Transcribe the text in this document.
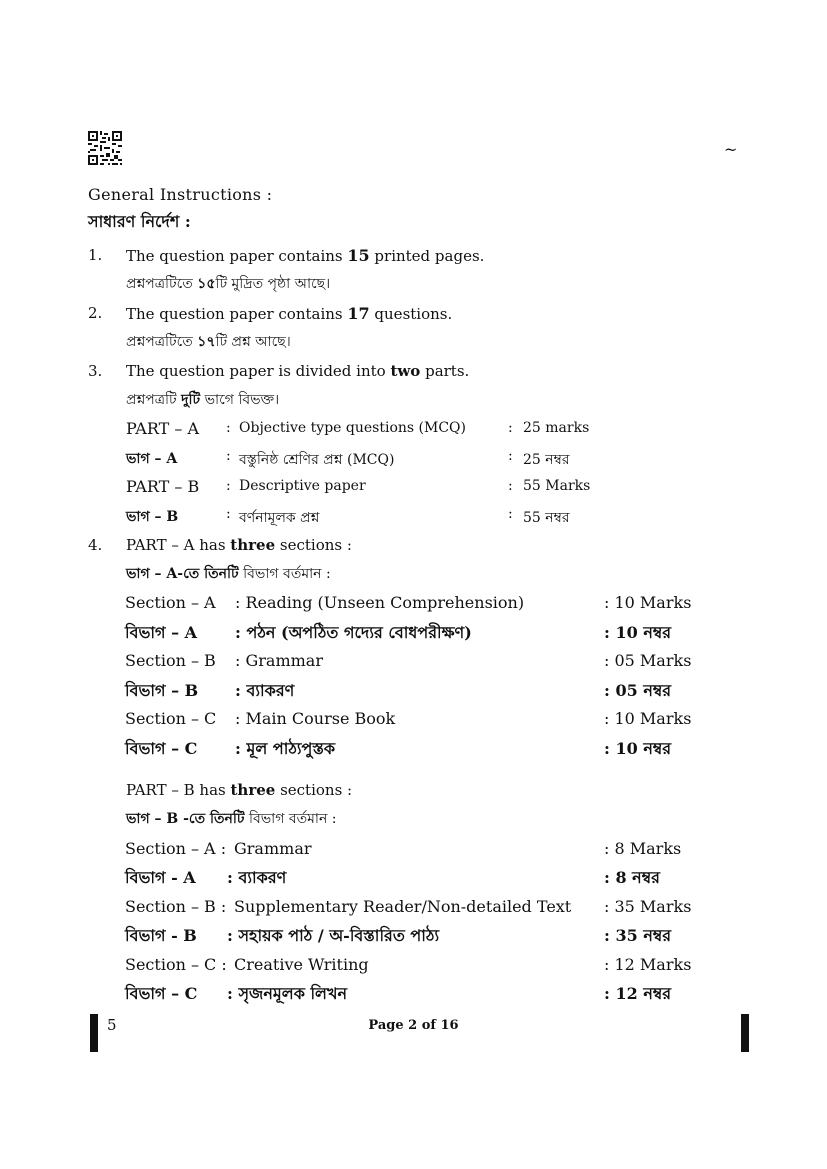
~
General Instructions :
সাধারণ নির্দেশ :
1. The question paper contains 15 printed pages.
প্রশ্নপত্রটিতে ১৫টি মুদ্রিত পৃষ্ঠা আছে।
2. The question paper contains 17 questions.
প্রশ্নপত্রটিতে ১৭টি প্রশ্ন আছে।
3. The question paper is divided into two parts.
প্রশ্নপত্রটি দুটি ভাগে বিভক্ত।
PART – A : Objective type questions (MCQ)	: 25 marks
ভাগ – A	: বস্তুনিষ্ঠ শ্রেণির প্রশ্ন (MCQ)	: 25 নম্বর
PART – B : Descriptive paper	: 55 Marks
ভাগ – B	: বর্ণনামূলক প্রশ্ন	: 55 নম্বর
4. PART – A has three sections :
ভাগ – A-তে তিনটি বিভাগ বর্তমান :
Section – A : Reading (Unseen Comprehension)	: 10 Marks
বিভাগ – A : পঠন (অপঠিত গদ্যের বোধপরীক্ষণ)	: 10 নম্বর
Section – B : Grammar	: 05 Marks
বিভাগ – B : ব্যাকরণ	: 05 নম্বর
Section – C : Main Course Book	: 10 Marks
বিভাগ – C : মূল পাঠ্যপুস্তক	: 10 নম্বর
PART – B has three sections :
ভাগ – B -তে তিনটি বিভাগ বর্তমান :
Section – A : Grammar	: 8 Marks
বিভাগ - A : ব্যাকরণ	: 8 নম্বর
Section – B : Supplementary Reader/Non-detailed Text : 35 Marks
বিভাগ - B : সহায়ক পাঠ / অ-বিস্তারিত পাঠ্য	: 35 নম্বর
Section – C : Creative Writing	: 12 Marks
বিভাগ – C : সৃজনমূলক লিখন	: 12 নম্বর
5	Page 2 of 16
